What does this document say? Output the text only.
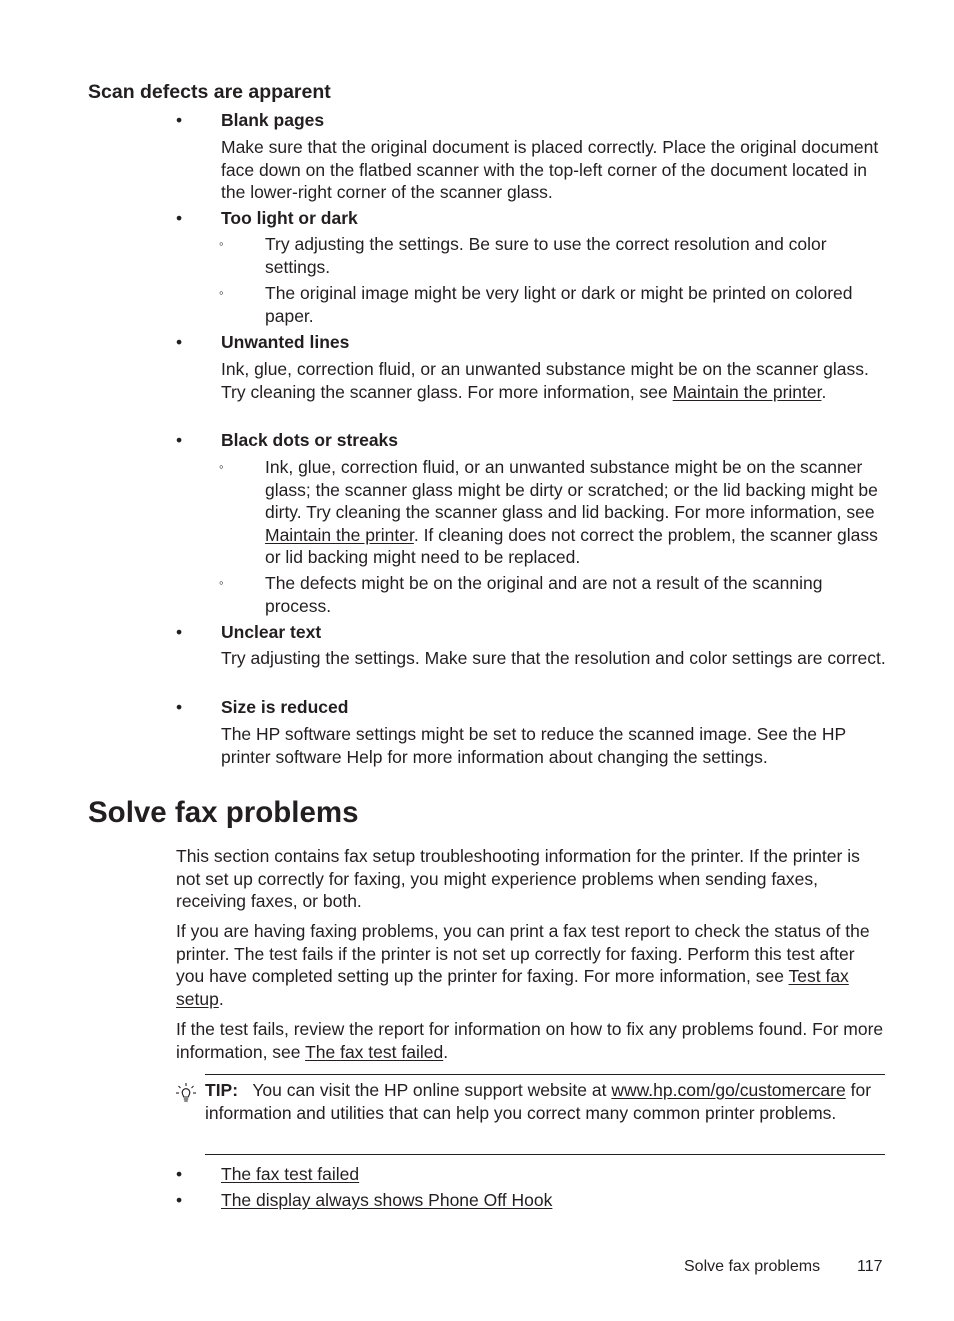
Scan defects are apparent
•	Blank pages

Make sure that the original document is placed correctly. Place the original document face down on the flatbed scanner with the top-left corner of the document located in the lower-right corner of the scanner glass.

•	Too light or dark
◦ Try adjusting the settings. Be sure to use the correct resolution and color settings.

◦ The original image might be very light or dark or might be printed on colored paper.

•	Unwanted lines

Ink, glue, correction fluid, or an unwanted substance might be on the scanner glass. Try cleaning the scanner glass. For more information, see Maintain the printer.

•	Black dots or streaks
◦ Ink, glue, correction fluid, or an unwanted substance might be on the scanner glass; the scanner glass might be dirty or scratched; or the lid backing might be dirty. Try cleaning the scanner glass and lid backing. For more information, see Maintain the printer. If cleaning does not correct the problem, the scanner glass or lid backing might need to be replaced.

◦ The defects might be on the original and are not a result of the scanning process.

•	Unclear text

Try adjusting the settings. Make sure that the resolution and color settings are correct.

•	Size is reduced

The HP software settings might be set to reduce the scanned image. See the HP printer software Help for more information about changing the settings.

Solve fax problems

This section contains fax setup troubleshooting information for the printer. If the printer is not set up correctly for faxing, you might experience problems when sending faxes, receiving faxes, or both.

If you are having faxing problems, you can print a fax test report to check the status of the printer. The test fails if the printer is not set up correctly for faxing. Perform this test after you have completed setting up the printer for faxing. For more information, see Test fax setup.

If the test fails, review the report for information on how to fix any problems found. For more information, see The fax test failed.

TIP: You can visit the HP online support website at www.hp.com/go/customercare for information and utilities that can help you correct many common printer problems.

•	The fax test failed
•	The display always shows Phone Off Hook
Solve fax problems 117
